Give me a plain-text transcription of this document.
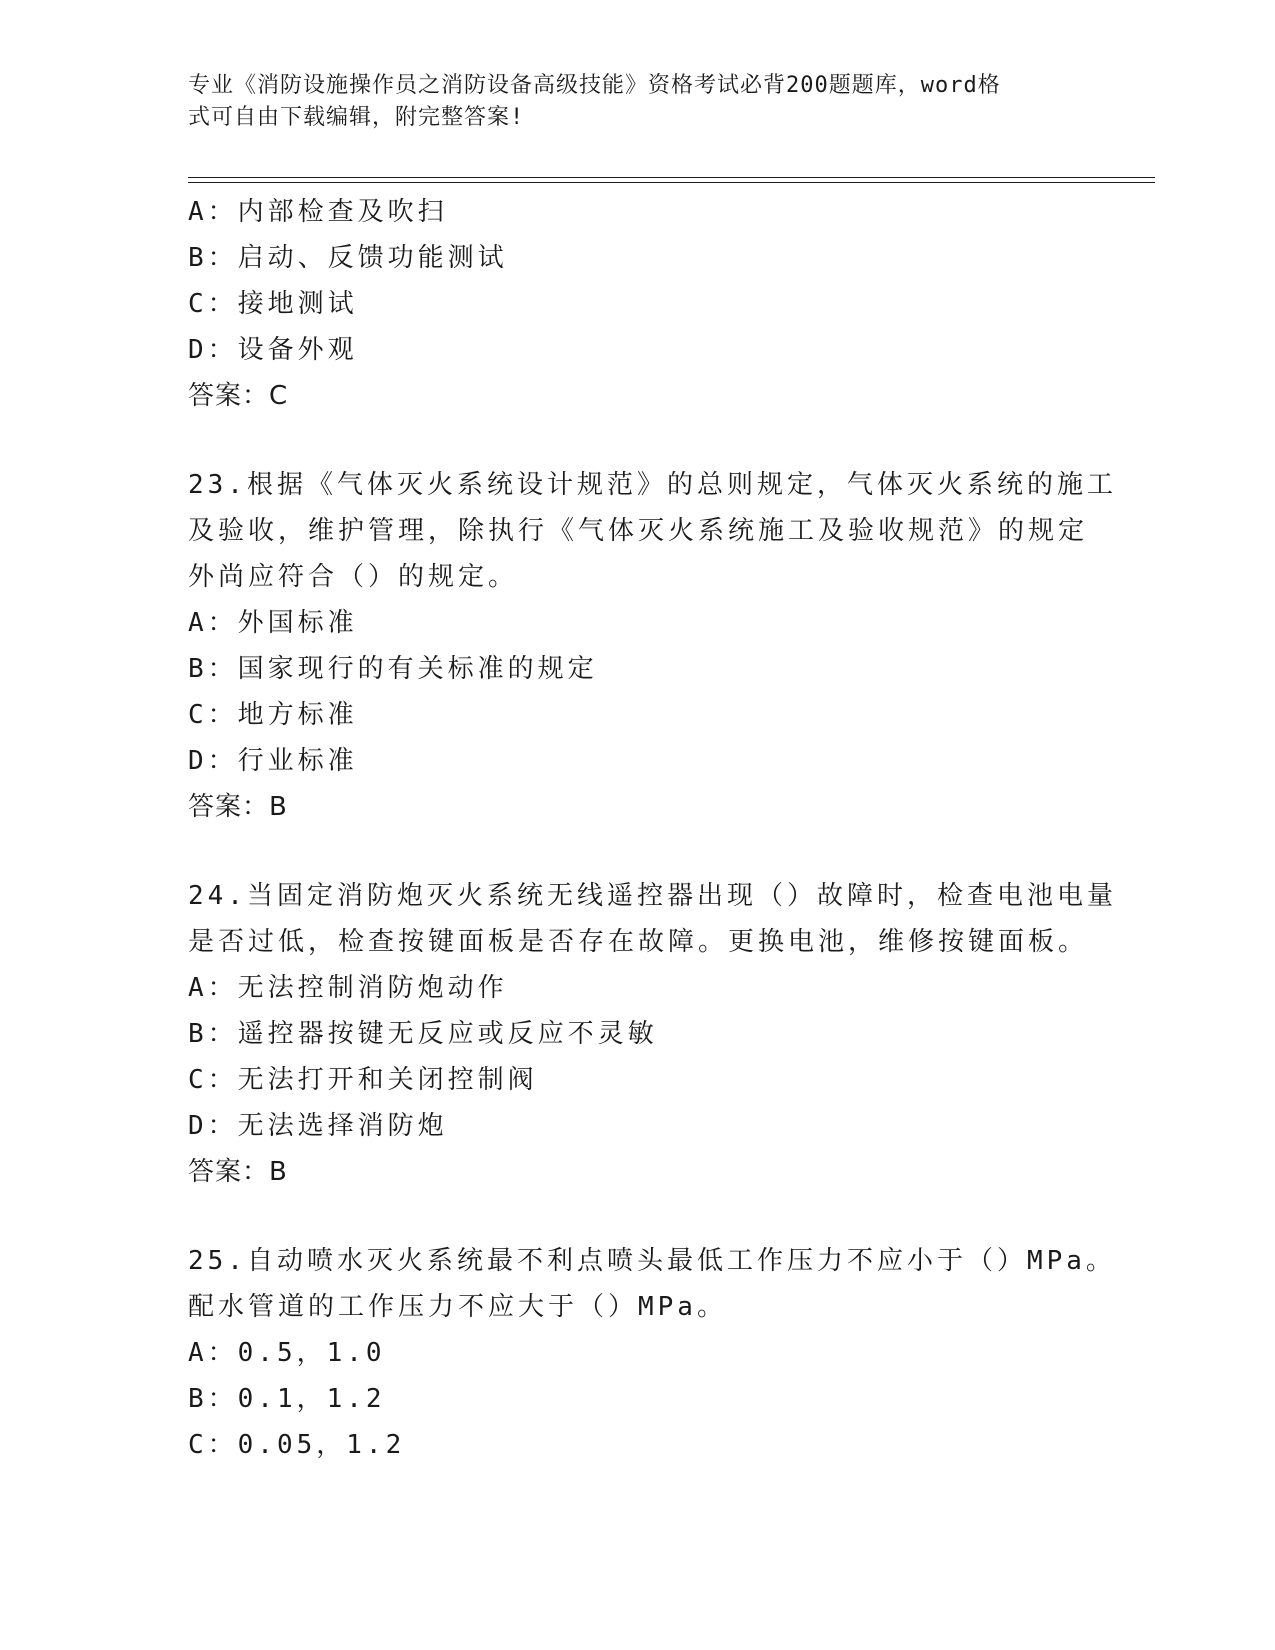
专业《消防设施操作员之消防设备高级技能》资格考试必背200题题库，word格
式可自由下载编辑，附完整答案!
A：内部检查及吹扫
B：启动、反馈功能测试
C：接地测试
D：设备外观
答案：C
23.根据《气体灭火系统设计规范》的总则规定，气体灭火系统的施工
及验收，维护管理，除执行《气体灭火系统施工及验收规范》的规定
外尚应符合（）的规定。
A：外国标准
B：国家现行的有关标准的规定
C：地方标准
D：行业标准
答案：B
24.当固定消防炮灭火系统无线遥控器出现（）故障时，检查电池电量
是否过低，检查按键面板是否存在故障。更换电池，维修按键面板。
A：无法控制消防炮动作
B：遥控器按键无反应或反应不灵敏
C：无法打开和关闭控制阀
D：无法选择消防炮
答案：B
25.自动喷水灭火系统最不利点喷头最低工作压力不应小于（）MPa。
配水管道的工作压力不应大于（）MPa。
A：0.5，1.0
B：0.1，1.2
C：0.05，1.2
